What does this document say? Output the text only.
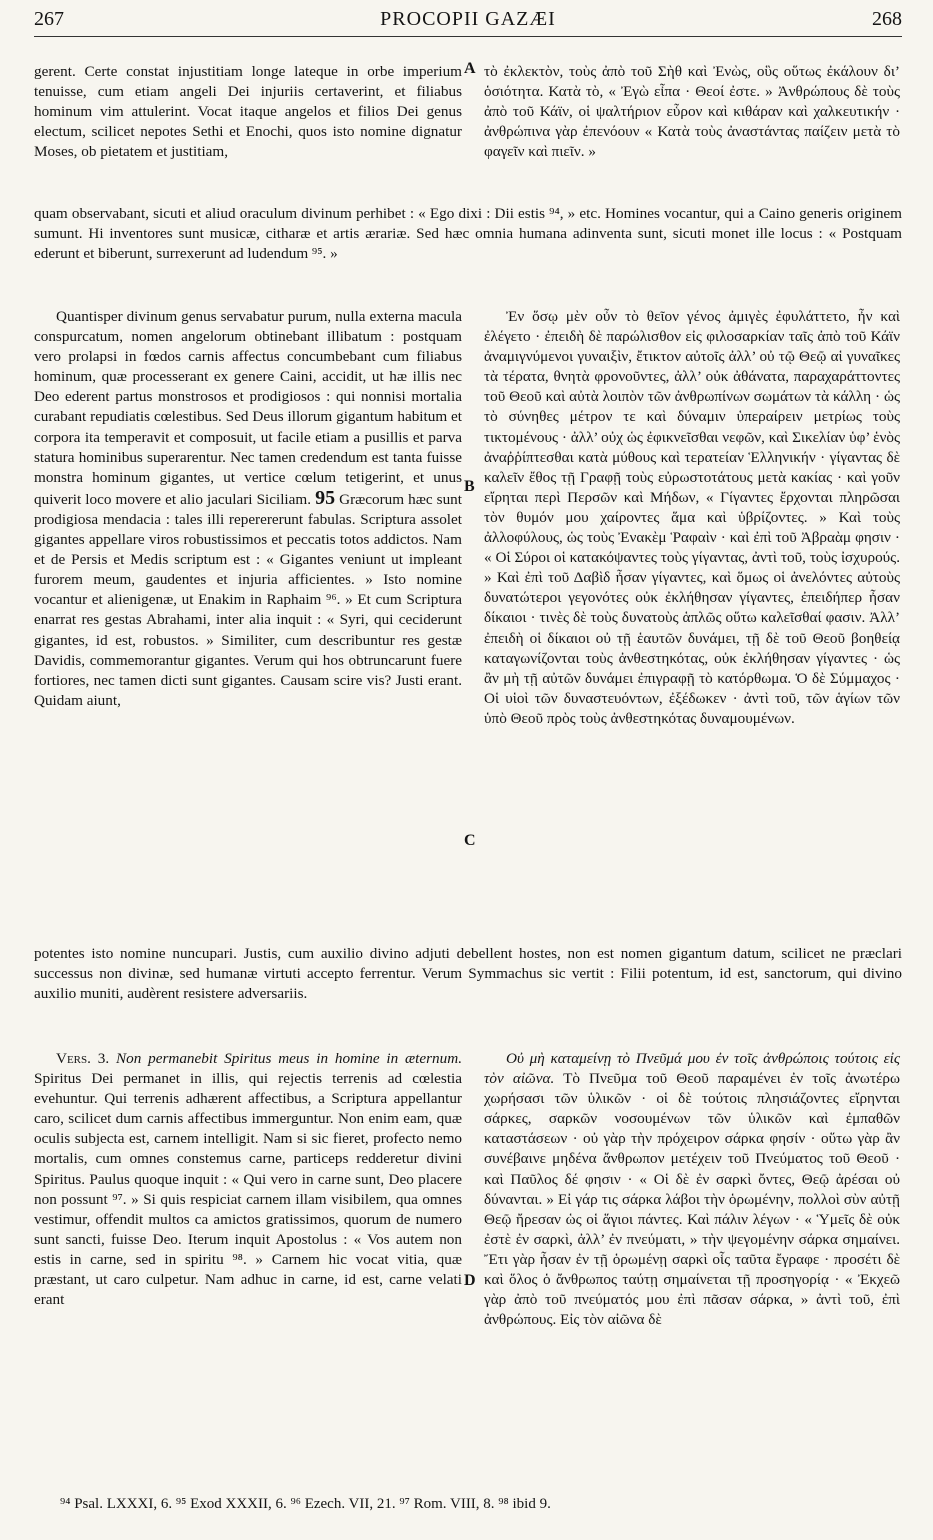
267	PROCOPII GAZÆI	268
A
B
C
D

gerent. Certe constat injustitiam longe lateque in orbe imperium tenuisse, cum etiam angeli Dei injuriis certaverint, et filiabus hominum vim attulerint. Vocat itaque angelos et filios Dei genus electum, scilicet nepotes Sethi et Enochi, quos isto nomine dignatur Moses, ob pietatem et justitiam,

τὸ ἐκλεκτὸν, τοὺς ἀπὸ τοῦ Σὴθ καὶ Ἐνὼς, οὓς οὕτως ἐκάλουν δι’ ὁσιότητα. Κατὰ τὸ, « Ἐγὼ εἶπα · Θεοί ἐστε. » Ἀνθρώπους δὲ τοὺς ἀπὸ τοῦ Κάϊν, οἱ ψαλτήριον εὗρον καὶ κιθάραν καὶ χαλκευτικήν · ἀνθρώπινα γὰρ ἐπενόουν « Κατὰ τοὺς ἀναστάντας παίζειν μετὰ τὸ φαγεῖν καὶ πιεῖν. »

quam observabant, sicuti et aliud oraculum divinum perhibet : « Ego dixi : Dii estis ⁹⁴, » etc. Homines vocantur, qui a Caino generis originem sumunt. Hi inventores sunt musicæ, citharæ et artis ærariæ. Sed hæc omnia humana adinventa sunt, sicuti monet ille locus : « Postquam ederunt et biberunt, surrexerunt ad ludendum ⁹⁵. »

Quantisper divinum genus servabatur purum, nulla externa macula conspurcatum, nomen angelorum obtinebant illibatum : postquam vero prolapsi in fœdos carnis affectus concumbebant cum filiabus hominum, quæ processerant ex genere Caini, accidit, ut hæ illis nec Deo ederent partus monstrosos et prodigiosos : qui nonnisi mortalia curabant repudiatis cœlestibus. Sed Deus illorum gigantum habitum et corpora ita temperavit et composuit, ut facile etiam a pusillis et parva statura hominibus superarentur. Nec tamen credendum est tanta fuisse monstra hominum gigantes, ut vertice cœlum tetigerint, et unus quiverit loco movere et alio jaculari Siciliam. 95 Græcorum hæc sunt prodigiosa mendacia : tales illi reperererunt fabulas. Scriptura assolet gigantes appellare viros robustissimos et peccatis totos addictos. Nam et de Persis et Medis scriptum est : « Gigantes veniunt ut impleant furorem meum, gaudentes et injuria afficientes. » Isto nomine vocantur et alienigenæ, ut Enakim in Raphaim ⁹⁶. » Et cum Scriptura enarrat res gestas Abrahami, inter alia inquit : « Syri, qui ceciderunt gigantes, id est, robustos. » Similiter, cum describuntur res gestæ Davidis, commemorantur gigantes. Verum qui hos obtruncarunt fuere fortiores, nec tamen dicti sunt gigantes. Causam scire vis? Justi erant. Quidam aiunt,

Ἐν ὅσῳ μὲν οὖν τὸ θεῖον γένος ἀμιγὲς ἐφυλάττετο, ἦν καὶ ἐλέγετο · ἐπειδὴ δὲ παρώλισθον εἰς φιλοσαρκίαν ταῖς ἀπὸ τοῦ Κάϊν ἀναμιγνύμενοι γυναιξὶν, ἔτικτον αὐτοῖς ἀλλ’ οὐ τῷ Θεῷ αἱ γυναῖκες τὰ τέρατα, θνητὰ φρονοῦντες, ἀλλ’ οὐκ ἀθάνατα, παραχαράττοντες τοῦ Θεοῦ καὶ αὐτὰ λοιπὸν τῶν ἀνθρωπίνων σωμάτων τὰ κάλλη · ὡς τὸ σύνηθες μέτρον τε καὶ δύναμιν ὑπεραίρειν μετρίως τοὺς τικτομένους · ἀλλ’ οὐχ ὡς ἐφικνεῖσθαι νεφῶν, καὶ Σικελίαν ὑφ’ ἑνὸς ἀναῤῥίπτεσθαι κατὰ μύθους καὶ τερατείαν Ἑλληνικήν · γίγαντας δὲ καλεῖν ἔθος τῇ Γραφῇ τοὺς εὐρωστοτάτους μετὰ κακίας · καὶ γοῦν εἴρηται περὶ Περσῶν καὶ Μήδων, « Γίγαντες ἔρχονται πληρῶσαι τὸν θυμόν μου χαίροντες ἅμα καὶ ὑβρίζοντες. » Καὶ τοὺς ἀλλοφύλους, ὡς τοὺς Ἐνακὲμ Ῥαφαὶν · καὶ ἐπὶ τοῦ Ἀβραὰμ φησιν · « Οἱ Σύροι οἱ κατακόψαντες τοὺς γίγαντας, ἀντὶ τοῦ, τοὺς ἰσχυρούς. » Καὶ ἐπὶ τοῦ Δαβὶδ ἦσαν γίγαντες, καὶ ὅμως οἱ ἀνελόντες αὐτοὺς δυνατώτεροι γεγονότες οὐκ ἐκλήθησαν γίγαντες, ἐπειδήπερ ἦσαν δίκαιοι · τινὲς δὲ τοὺς δυνατοὺς ἁπλῶς οὕτω καλεῖσθαί φασιν. Ἀλλ’ ἐπειδὴ οἱ δίκαιοι οὐ τῇ ἑαυτῶν δυνάμει, τῇ δὲ τοῦ Θεοῦ βοηθείᾳ καταγωνίζονται τοὺς ἀνθεστηκότας, οὐκ ἐκλήθησαν γίγαντες · ὡς ἂν μὴ τῇ αὐτῶν δυνάμει ἐπιγραφῇ τὸ κατόρθωμα. Ὁ δὲ Σύμμαχος · Οἱ υἱοὶ τῶν δυναστευόντων, ἐξέδωκεν · ἀντὶ τοῦ, τῶν ἁγίων τῶν ὑπὸ Θεοῦ πρὸς τοὺς ἀνθεστηκότας δυναμουμένων.

potentes isto nomine nuncupari. Justis, cum auxilio divino adjuti debellent hostes, non est nomen gigantum datum, scilicet ne præclari successus non divinæ, sed humanæ virtuti accepto ferrentur. Verum Symmachus sic vertit : Filii potentum, id est, sanctorum, qui divino auxilio muniti, audèrent resistere adversariis.

Vers. 3. Non permanebit Spiritus meus in homine in æternum. Spiritus Dei permanet in illis, qui rejectis terrenis ad cœlestia evehuntur. Qui terrenis adhærent affectibus, a Scriptura appellantur caro, scilicet dum carnis affectibus immerguntur. Non enim eam, quæ oculis subjecta est, carnem intelligit. Nam si sic fieret, profecto nemo mortalis, cum omnes constemus carne, particeps redderetur divini Spiritus. Paulus quoque inquit : « Qui vero in carne sunt, Deo placere non possunt ⁹⁷. » Si quis respiciat carnem illam visibilem, qua omnes vestimur, offendit multos ca amictos gratissimos, quorum de numero sunt sancti, fuisse Deo. Iterum inquit Apostolus : « Vos autem non estis in carne, sed in spiritu ⁹⁸. » Carnem hic vocat vitia, quæ præstant, ut caro culpetur. Nam adhuc in carne, id est, carne velati erant

Οὐ μὴ καταμείνῃ τὸ Πνεῦμά μου ἐν τοῖς ἀνθρώποις τούτοις εἰς τὸν αἰῶνα. Τὸ Πνεῦμα τοῦ Θεοῦ παραμένει ἐν τοῖς ἀνωτέρω χωρήσασι τῶν ὑλικῶν · οἱ δὲ τούτοις πλησιάζοντες εἴρηνται σάρκες, σαρκῶν νοσουμένων τῶν ὑλικῶν καὶ ἐμπαθῶν καταστάσεων · οὐ γὰρ τὴν πρόχειρον σάρκα φησίν · οὕτω γὰρ ἂν συνέβαινε μηδένα ἄνθρωπον μετέχειν τοῦ Πνεύματος τοῦ Θεοῦ · καὶ Παῦλος δέ φησιν · « Οἱ δὲ ἐν σαρκὶ ὄντες, Θεῷ ἀρέσαι οὐ δύνανται. » Εἰ γάρ τις σάρκα λάβοι τὴν ὁρωμένην, πολλοὶ σὺν αὐτῇ Θεῷ ἤρεσαν ὡς οἱ ἅγιοι πάντες. Καὶ πάλιν λέγων · « Ὑμεῖς δὲ οὐκ ἐστὲ ἐν σαρκὶ, ἀλλ’ ἐν πνεύματι, » τὴν ψεγομένην σάρκα σημαίνει. Ἔτι γὰρ ἦσαν ἐν τῇ ὁρωμένῃ σαρκὶ οἷς ταῦτα ἔγραφε · προσέτι δὲ καὶ ὅλος ὁ ἄνθρωπος ταύτῃ σημαίνεται τῇ προσηγορίᾳ · « Ἐκχεῶ γὰρ ἀπὸ τοῦ πνεύματός μου ἐπὶ πᾶσαν σάρκα, » ἀντὶ τοῦ, ἐπὶ ἀνθρώπους. Εἰς τὸν αἰῶνα δὲ

⁹⁴ Psal. LXXXI, 6. ⁹⁵ Exod XXXII, 6. ⁹⁶ Ezech. VII, 21. ⁹⁷ Rom. VIII, 8. ⁹⁸ ibid 9.
